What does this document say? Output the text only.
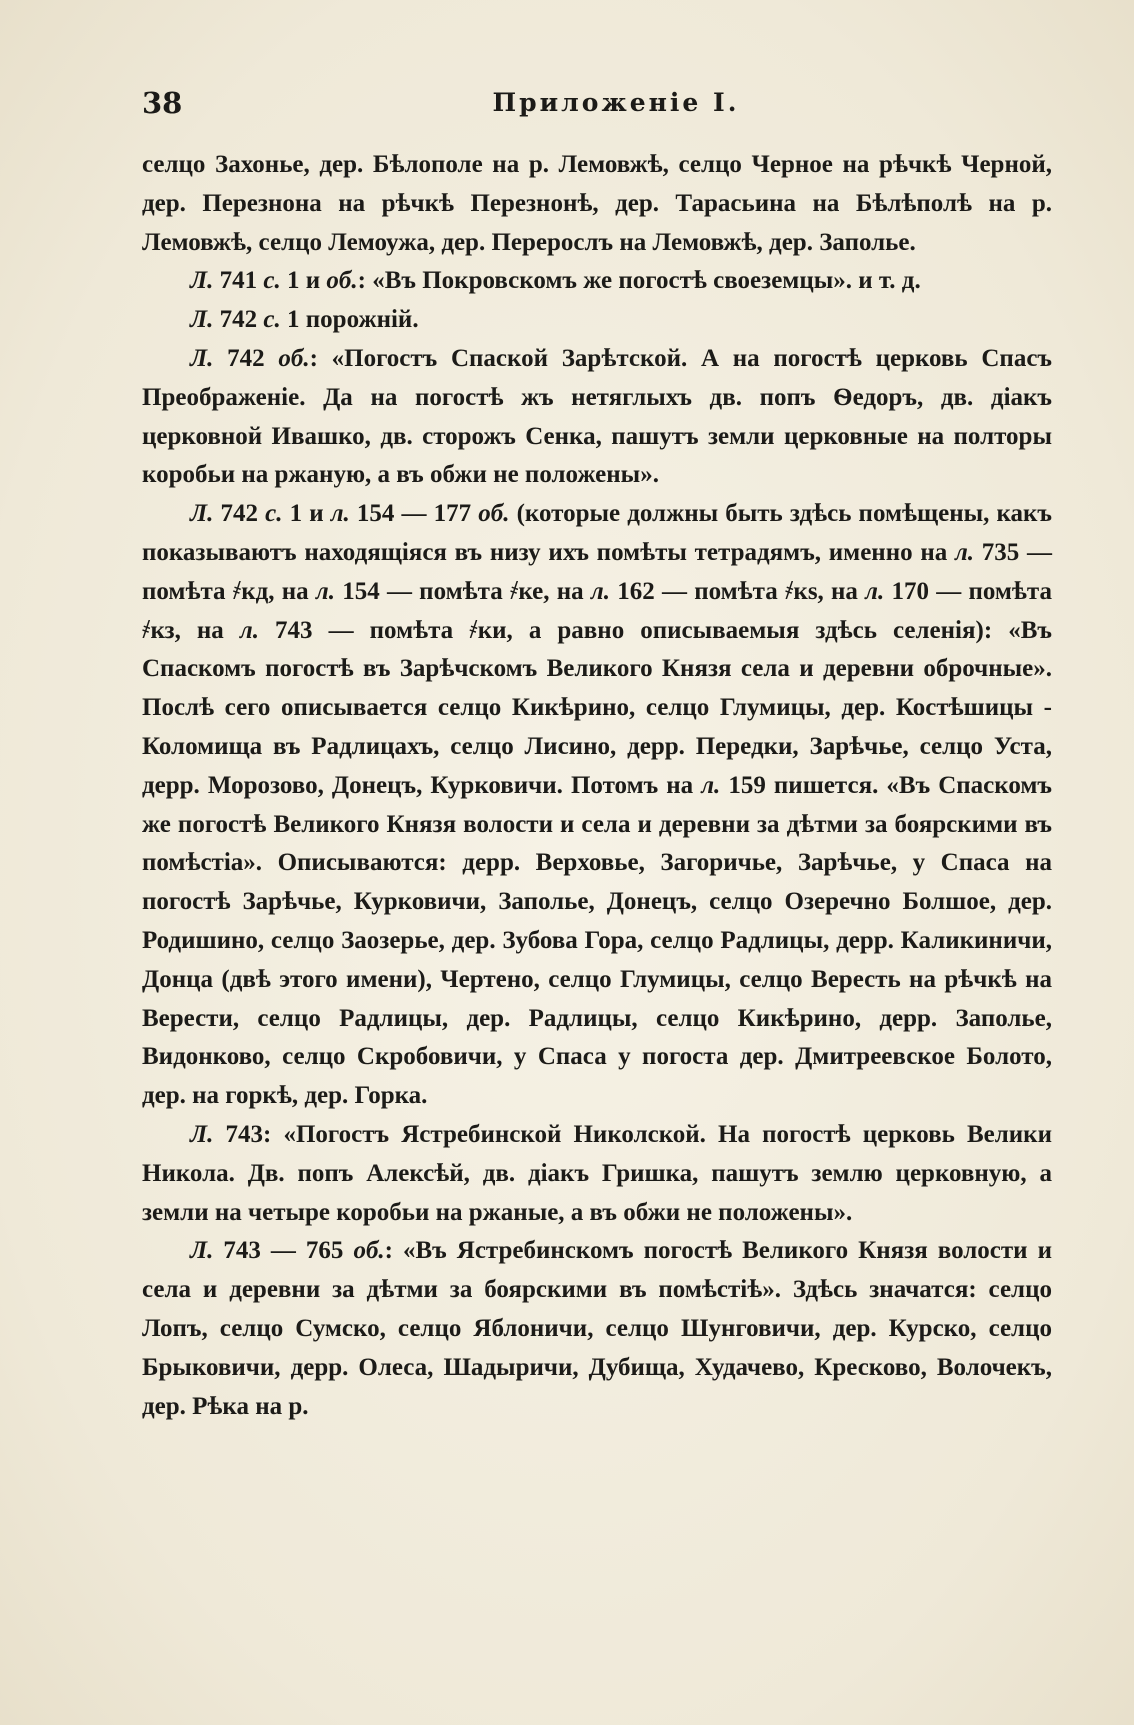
38	Приложеніе I.

селцо Захонье, дер. Бѣлополе на р. Лемовжѣ, селцо Черное на рѣчкѣ Черной, дер. Перезнона на рѣчкѣ Перезнонѣ, дер. Тарасьина на Бѣлѣполѣ на р. Лемовжѣ, селцо Лемоужа, дер. Перерослъ на Лемовжѣ, дер. Заполье.

Л. 741 с. 1 и об.: «Въ Покровскомъ же погостѣ своеземцы». и т. д.

Л. 742 с. 1 порожній.

Л. 742 об.: «Погостъ Спаской Зарѣтской. А на погостѣ церковь Спасъ Преображеніе. Да на погостѣ жъ нетяглыхъ дв. попъ Ѳедоръ, дв. діакъ церковной Ивашко, дв. сторожъ Сенка, пашутъ земли церковные на полторы коробьи на ржаную, а въ обжи не положены».

Л. 742 с. 1 и л. 154 — 177 об. (которые должны быть здѣсь помѣщены, какъ показываютъ находящіяся въ низу ихъ помѣты тетрадямъ, именно на л. 735 — помѣта ҂кд, на л. 154 — помѣта ҂ке, на л. 162 — помѣта ҂кѕ, на л. 170 — помѣта ҂кз, на л. 743 — помѣта ҂ки, а равно описываемыя здѣсь селенія): «Въ Спаскомъ погостѣ въ Зарѣчскомъ Великого Князя села и деревни оброчные». Послѣ сего описывается селцо Кикѣрино, селцо Глумицы, дер. Костѣшицы - Коломища въ Радлицахъ, селцо Лисино, дерр. Передки, Зарѣчье, селцо Уста, дерр. Морозово, Донецъ, Курковичи. Потомъ на л. 159 пишется. «Въ Спаскомъ же погостѣ Великого Князя волости и села и деревни за дѣтми за боярскими въ помѣстіа». Описываются: дерр. Верховье, Загоричье, Зарѣчье, у Спаса на погостѣ Зарѣчье, Курковичи, Заполье, Донецъ, селцо Озеречно Болшое, дер. Родишино, селцо Заозерье, дер. Зубова Гора, селцо Радлицы, дерр. Каликиничи, Донца (двѣ этого имени), Чертено, селцо Глумицы, селцо Вересть на рѣчкѣ на Верести, селцо Радлицы, дер. Радлицы, селцо Кикѣрино, дерр. Заполье, Видонково, селцо Скробовичи, у Спаса у погоста дер. Дмитреевское Болото, дер. на горкѣ, дер. Горка.

Л. 743: «Погостъ Ястребинской Николской. На погостѣ церковь Велики Никола. Дв. попъ Алексѣй, дв. діакъ Гришка, пашутъ землю церковную, а земли на четыре коробьи на ржаные, а въ обжи не положены».

Л. 743 — 765 об.: «Въ Ястребинскомъ погостѣ Великого Князя волости и села и деревни за дѣтми за боярскими въ помѣстіѣ». Здѣсь значатся: селцо Лопъ, селцо Сумско, селцо Яблоничи, селцо Шунговичи, дер. Курско, селцо Брыковичи, дерр. Олеса, Шадыричи, Дубища, Худачево, Кресково, Волочекъ, дер. Рѣка на р.
